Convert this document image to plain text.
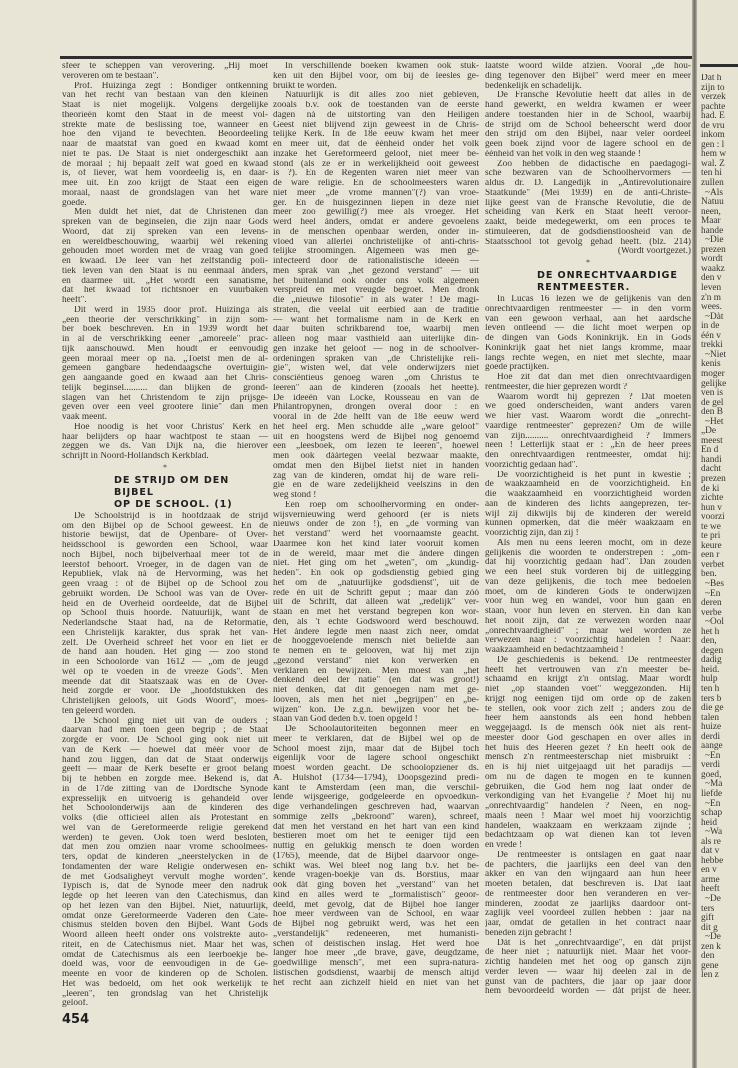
sfeer te scheppen van verovering. „Hij moet
veroveren om te bestaan".
Prof. Huizinga zegt : Bondiger ontkenning
van het recht van bestaan van den kleinen
Staat is niet mogelijk. Volgens dergelijke
theorieën komt den Staat in de meest vol-
strekte mate de beslissing toe, wanneer en
hoe den vijand te bevechten. Beoordeeling
naar de maatstaf van goed en kwaad komt
niet te pas. De Staat is niet ondergeschikt aan
de moraal ; hij bepaalt zelf wat goed en kwaad
is, of liever, wat hem voordeelig is, en daar-
mee uit. En zoo krijgt de Staat een eigen
moraal, naast de grondslagen van het ware
goede.
Men duldt het niet, dat de Christenen dan
spreken van de beginselen, die zijn naar Gods
Woord, dat zij spreken van een levens-
en wereldbeschouwing, waarbij wèl rekening
gehouden moet worden met de vraag van goed
en kwaad. De leer van het zelfstandig poli-
tiek leven van den Staat is nu eenmaal ànders,
en daarmee uit. „Het wordt een sanatisme,
dat het kwaad tot richtsnoer en vuurbaken
heeft".
Dit werd in 1935 door prof. Huizinga als
„een theorie der verschrikking" in zijn som-
ber boek beschreven. En in 1939 wordt het
in al de verschrikking eener „amoreele" prac-
tijk aanschouwd. Men houdt er eenvoudig
geen moraal meer op na. „Toetst men de al-
gemeen gangbare hedendaagsche overtuigin-
gen aangaande goed en kwaad aan het Chris-
telijk beginsel.......... dan blijken de grond-
slagen van het Christendom te zijn prijsge-
geven over een veel grootere linie" dan men
vaak meent.
Hoe noodig is het voor Christus' Kerk en
haar belijders op haar wachtpost te staan —
zeggen we ds. Van Dijk na, die hierover
schrijft in Noord-Hollandsch Kerkblad.
*
DE STRIJD OM DEN BIJBEL
OP DE SCHOOL. (1)
De Schoolstrijd is in hoofdzaak de strijd
om den Bijbel op de School geweest. En de
historie bewijst, dat de Openbare- of Over-
heidsschool is geworden een School, waar
noch Bijbel, noch bijbelverhaal meer tot de
leerstof behoort. Vroeger, in de dagen van de
Republiek, vlak ná de Hervorming, was het
geen vraag : of de Bijbel op de School zou
gebruikt worden. De School was van de Over-
heid en de Overheid oordeelde, dat de Bijbel
op School thuis hoorde. Natuurlijk, want de
Nederlandsche Staat had, na de Reformatie,
een Christelijk karakter, dus sprak het van-
zelf. De Overheid schreef het voor en liet er
de hand aan houden. Het ging — zoo stond
in een Schoolorde van 1612 — „om de jeugd
wèl op te voeden in de vreeze Gods". Men
meende dat dit Staatszaak was en de Over-
heid zorgde er voor. De „hoofdstukken des
Christelijken geloofs, uit Gods Woord", moes-
ten geleerd worden.
De School ging niet uit van de ouders ;
daarvan had men toen geen begrip ; de Staat
zorgde er voor. De School ging ook niet uit
van de Kerk — hoewel dat méér voor de
hand zou liggen, dan dat de Staat onderwijs
geeft — maar de Kerk besefte er groot belang
bij te hebben en zorgde mee. Bekend is, dat
in de 17de zitting van de Dordtsche Synode
expresselijk en uitvoerig is gehandeld over
het Schoolonderwijs aan de kinderen des
volks (die officieel allen als Protestant en
wel van de Gereformeerde religie gerekend
werden) te geven. Ook toen werd besloten,
dat men zou omzien naar vrome schoolmees-
ters, opdat de kinderen „neerstelycken in de
fondamenten der ware Religie onderwesen en-
de met Godsaligheyt vervult moghe worden".
Typisch is, dat de Synode meer den nadruk
legde op het leeren van den Catechismus, dan
op het lezen van den Bijbel. Niet, natuurlijk,
omdat onze Gereformeerde Vaderen den Cate-
chismus stelden boven den Bijbel. Want Gods
Woord alleen heeft onder ons volstrekte auto-
riteit, en de Catechismus niet. Maar het was,
omdat de Catechismus als een leerboekje be-
doeld was, voor de eenvoudigen in de Ge-
meente en voor de kinderen op de Scholen.
Het was bedoeld, om het ook werkelijk te
„leeren", ten grondslag van het Christelijk
geloof.
454
In verschillende boeken kwamen ook stuk-
ken uit den Bijbel voor, om bij de leesles ge-
bruikt te worden.
Natuurlijk is dit alles zoo niet gebleven,
zooals b.v. ook de toestanden van de eerste
dagen ná de uitstorting van den Heiligen
Geest niet blijvend zijn geweest in de Chris-
telijke Kerk. In de 18e eeuw kwam het meer
en meer uit, dat de éénheid onder het volk
inzake het Gereformeerd geloof, niet meer be-
stond (als ze er in werkelijkheid ooit geweest
is ?). En de Regenten waren niet meer van
de ware religie. En de schoolmeesters waren
niet meer „de vrome mannen"(?) van vroe-
ger. En de huisgezinnen liepen in deze niet
meer zoo gewillig(?) mee als vroeger. Het
werd heel ànders, omdat er andere gevoelens
in de menschen openbaar werden, onder in-
vloed van allerlei onchristelijke of anti-chris-
telijke stroomingen. Algemeen was men ge-
infecteerd door de rationalistische ideeën —
men sprak van „het gezond verstand" — uit
het buitenland ook onder ons volk algemeen
verspreid en met vreugde begroet. Men dronk
die „nieuwe filosofie" in als water ! De magi-
straten, die veelal uit eerbied aan de traditie
— want het formalisme nam in de Kerk en
daar buiten schrikbarend toe, waarbij men
alleen nog maar vasthield aan uiterlijke din-
gen inzake het geloof — nog in de schoolver-
ordeningen spraken van „de Christelijke reli-
gie", wisten wel, dat vele onderwijzers niet
consciëntieus genoeg waren „om Christus te
leeren" aan de kinderen (zooals het heette).
De ideeën van Locke, Rousseau en van de
Philantropynen, drongen overal door : en
vooral in de 2de helft van de 18e eeuw werd
het heel erg. Men schudde alle „ware geloof"
uit en hoogstens werd de Bijbel nog genoemd
een „leesboek, om lezen te leeren", hoewel
men ook dáártegen veelal bezwaar maakte,
omdat men den Bijbel liefst niet in handen
zag van de kinderen, omdat hij de ware reli-
gie en de ware zedelijkheid veelszins in den
weg stond !
Een roep om schoolhervorming en onder-
wijsvernieuwing werd gehoord (er is niets
nieuws onder de zon !), en „de vorming van
het verstand" werd het voornaamste geacht.
Daarmee kon het kind later vooruit komen
in de wereld, maar met die àndere dingen
niet. Het ging om het „weten", om „kundig-
heden". En ook op godsdienstig gebied ging
het om de „natuurlijke godsdienst", uit de
rede èn uit de Schrift geput ; maar dan zóó
uit de Schrift, dat alleen wat „redelijk" ver-
staan en met het verstand begrepen kon wor-
den, als 't echte Godswoord werd beschouwd.
Het àndere legde men naast zich neer, omdat
de hooggevoelende mensch niet beliefde aan
te nemen en te gelooven, wat hij met zijn
„gezond verstand" niet kon verwerken en
verklaren en bewijzen. Men moest van „het
denkend deel der natie" (en dat was groot!)
niet denken, dat dit genoegen nam met ge-
looven, als men het niet „begrijpen" en „be-
wijzen" kon. De z.g.n. bewijzen voor het be-
staan van God deden b.v. toen opgeld !
De Schoolautoriteiten begonnen meer en
meer te verklaren, dat de Bijbel wel op de
School moest zijn, maar dat de Bijbel toch
eigenlijk voor de lagere school ongeschikt
moest worden geacht. De schoolopziener ds.
A. Hulshof (1734—1794), Doopsgezind predi-
kant te Amsterdam (een man, die verschil-
lende wijsgeerige, godgeleerde en opvoedkun-
dige verhandelingen geschreven had, waarvan
sommige zelfs „bekroond" waren), schreef,
dat men het verstand en het hart van een kind
bestieren moet om het te eeniger tijd een
nuttig en gelukkig mensch te doen worden
(1765), meende, dat de Bijbel daarvoor onge-
schikt was. Wel bleef nog lang b.v. het be-
kende vragen-boekje van ds. Borstius, maar
ook dát ging boven het „verstand" van het
kind en alles werd te „formalistisch" geoor-
deeld, met gevolg, dat de Bijbel hoe langer
hoe meer verdween van de School, en waar
de Bijbel nog gebruikt werd, was het een
„verstandelijk" redeneeren, met humanisti-
schen of deïstischen inslag. Het werd hoe
langer hoe meer „de brave, gave, deugdzame,
goedwillige mensch", met een supra-natura-
listischen godsdienst, waarbij de mensch altijd
het recht aan zichzelf hield en niet van het
laatste woord wilde afzien. Vooral „de hou-
ding tegenover den Bijbel" werd meer en meer
bedenkelijk en schadelijk.
De Fransche Revolutie heeft dat alles in de
hand gewerkt, en weldra kwamen er weer
andere toestanden hier in de School, waarbij
de strijd om de School beheerscht werd door
den strijd om den Bijbel, naar veler oordeel
geen boek zijnd voor de lagere school en de
éénheid van het volk in den weg staande !
Zoo hebben de didactische en paedagogi-
sche bezwaren van de Schoolhervormers —
aldus dr. D. Langedijk in „Antirevolutionaire
Staatkunde" (Mei 1939) en de anti-Christe-
lijke geest van de Fransche Revolutie, die de
scheiding van Kerk en Staat heeft veroor-
zaakt, beide medegewerkt, om een proces te
stimuleeren, dat de godsdienstloosheid van de
Staatsschool tot gevolg gehad heeft. (blz. 214)
(Wordt voortgezet.)
*
DE ONRECHTVAARDIGE
RENTMEESTER.
In Lucas 16 lezen we de gelijkenis van den
onrechtvaardigen rentmeester — in den vorm
van een gewoon verhaal, aan het aardsche
leven ontleend — die licht moet werpen op
de dingen van Gods Koninkrijk. En in Gods
Koninkrijk gaat het niet langs kromme, maar
langs rechte wegen, en niet met slechte, maar
goede practijken.
Hoe zit dat dan met dien onrechtvaardigen
rentmeester, die hier geprezen wordt ?
Waarom wordt hij geprezen ? Dat moeten
we goed onderscheiden, want anders varen
we hier vast. Waarom wordt die „onrecht-
vaardige rentmeester" geprezen? Om de wille
van zijn.......... onrechtvaardigheid ? Immers
neen ! Letterlijk staat er : „En de heer prees
den onrechtvaardigen rentmeester, omdat hij:
voorzichtig gedaan had".
De voorzichtigheid is het punt in kwestie ;
de waakzaamheid en de voorzichtigheid. En
die waakzaamheid en voorzichtigheid worden
aan de kinderen des lichts aangeprezen, ter-
wijl zij dikwijls bij de kinderen der wereld
kunnen opmerken, dat die méér waakzaam en
voorzichtig zijn, dan zij !
Als men nu eens leeren mocht, om in deze
gelijkenis die woorden te onderstrepen : „om-
dat hij voorzichtig gedaan had". Dan zouden
we een heel stuk vorderen bij de uitlegging
van deze gelijkenis, die toch mee bedoelen
moet, om de kinderen Gods te onderwijzen
voor hun weg en wandel, voor hun gaan en
staan, voor hun leven en sterven. En dan kan
het nooit zijn, dat ze verwezen worden naar
„onrechtvaardigheid" ; maar wel worden ze
verwezen naar : voorzichtig handelen ! Naar:
waakzaamheid en bedachtzaamheid !
De geschiedenis is bekend. De rentmeester
heeft het vertrouwen van z'n meester be-
schaamd en krijgt z'n ontslag. Maar wordt
niet „op staanden voet" weggezonden. Hij
krijgt nog eenigen tijd om orde op de zaken
te stellen, ook voor zich zelf ; anders zou de
heer hem aanstonds als een hond hebben
weggejaagd. Is de mensch óók niet als rent-
meester door God geschapen en over alles in
het huis des Heeren gezet ? En heeft ook de
mensch z'n rentmeesterschap niet misbruikt :
en is hij niet uitgejaagd uit het paradijs —
om nu de dagen te mogen en te kunnen
gebruiken, die God hem nog laat onder de
verkondiging van het Evangelie ? Moet hij nu
„onrechtvaardig" handelen ? Neen, en nog-
maals neen ! Maar wel moet hij voorzichtig
handelen, waakzaam en werkzaam zijnde ;
bedachtzaam op wat dienen kan tot leven
en vrede !
De rentmeester is ontslagen en gaat naar
de pachters, die jaarlijks een deel van den
akker en van den wijngaard aan hun heer
moeten betalen, dat beschreven is. Dat laat
de rentmeester door hen veranderen en ver-
minderen, zoodat ze jaarlijks daardoor ont-
zaglijk veel voordeel zullen hebben : jaar na
jaar, omdat de getallen in het contract naar
beneden zijn gebracht !
Dàt is het „onrechtvaardige", en dàt prijst
de heer niet ; natuurlijk niet. Maar het voor-
zichtig handelen met het oog op gansch zijn
verder leven — waar hij deelen zal in de
gunst van de pachters, die jaar op jaar door
hem bevoordeeld worden — dàt prijst de heer.
Dat h
zijn to
verzek
pachte
had. E
de vru
inkom
gen : l
hem w
wal. Z
ten hi
zullen
~Als
Natuu
neen,
Maar
hande
~Die
prezen
wordt
waakz
den v
leven
z'n m
wees.
~Dàt
in de
één v
trekki
~Niet
kenis
moger
gelijke
ven is
de gel
den B
~Het
„De
meest
En d
handi
dacht
prezen
de ki
zichte
hun v
voorzi
te we
te pri
keure
een r
verbet
ben.
~Bes
~En
deren
verbe
~Ool
het h
den,
degen
dadig
heid.
hulp
ten h
ters b
die ge
talen
huize
derdi
aange
~En
verdi
goed,
~Ma
liefde
~En
schap
heid
~Wa
als re
dat v
hebbe
en v
arme
heeft
~De
ters
gift
dit g
~De
zen k
den
gene
len z
